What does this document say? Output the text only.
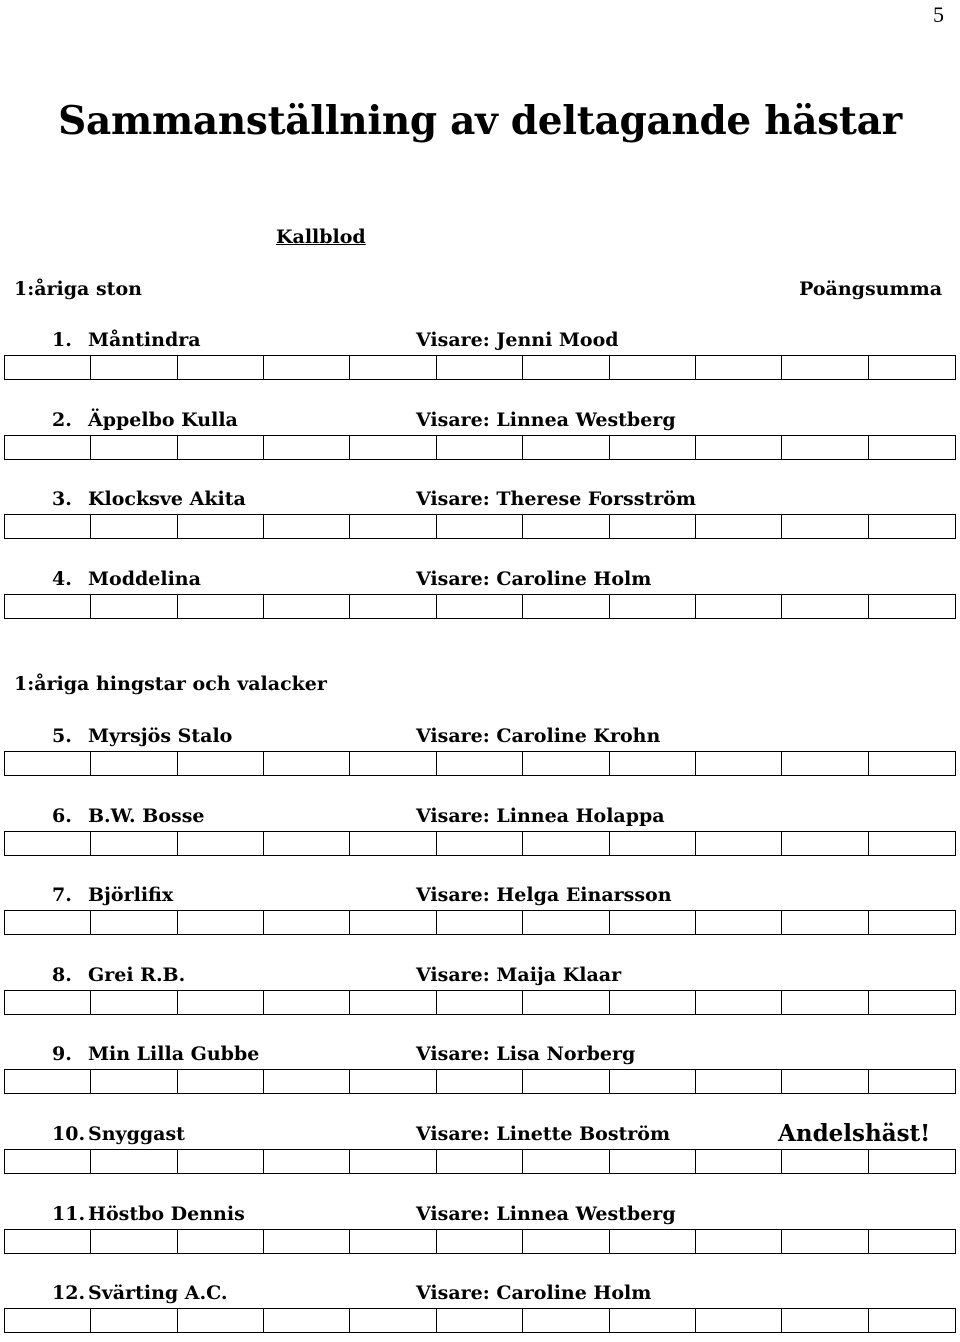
5
Sammanställning av deltagande hästar
Kallblod
Poängsumma
1:åriga ston
1. Måntindra	Visare: Jenni Mood
2. Äppelbo Kulla	Visare: Linnea Westberg
3. Klocksve Akita	Visare: Therese Forsström
4. Moddelina	Visare: Caroline Holm
1:åriga hingstar och valacker
5. Myrsjös Stalo	Visare: Caroline Krohn
6. B.W. Bosse	Visare: Linnea Holappa
7. Björlifix	Visare: Helga Einarsson
8. Grei R.B.	Visare: Maija Klaar
9. Min Lilla Gubbe	Visare: Lisa Norberg
10. Snyggast	Visare: Linette Boström	Andelshäst!
11. Höstbo Dennis	Visare: Linnea Westberg
12. Svärting A.C.	Visare: Caroline Holm
